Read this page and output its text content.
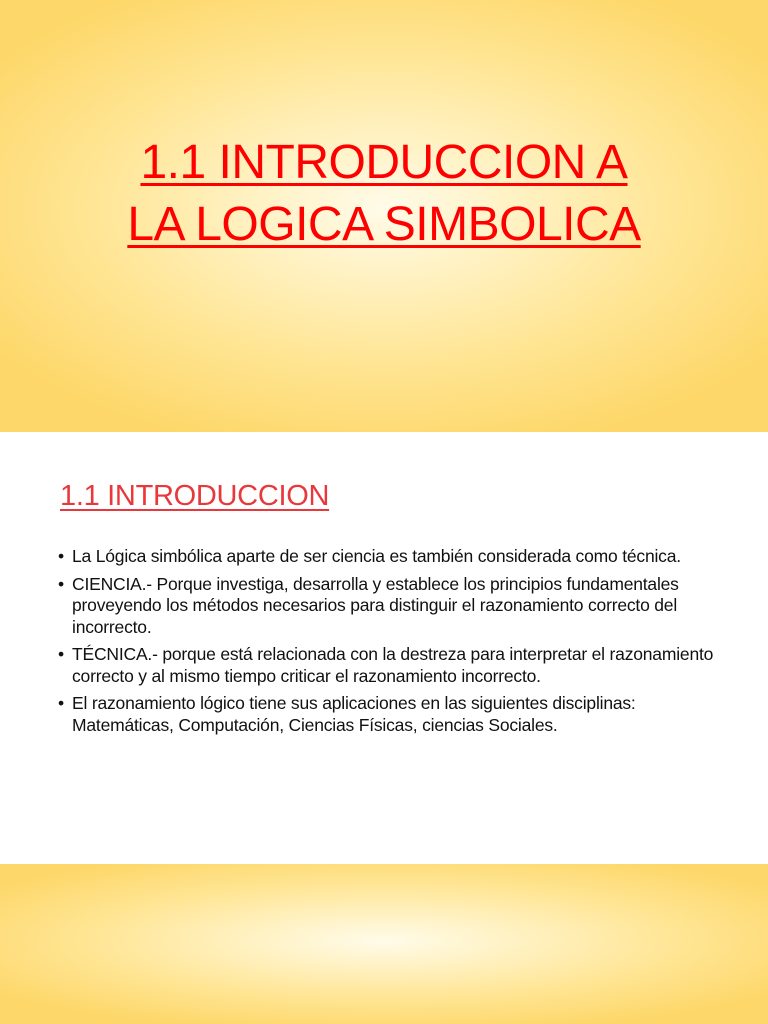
1.1 INTRODUCCION A
LA LOGICA SIMBOLICA
1.1 INTRODUCCION
• La Lógica simbólica aparte de ser ciencia es también considerada como técnica.
• CIENCIA.- Porque investiga, desarrolla y establece los principios fundamentales proveyendo los métodos necesarios para distinguir el razonamiento correcto del incorrecto.
• TÉCNICA.- porque está relacionada con la destreza para interpretar el razonamiento correcto y al mismo tiempo criticar el razonamiento incorrecto.
• El razonamiento lógico tiene sus aplicaciones en las siguientes disciplinas: Matemáticas, Computación, Ciencias Físicas, ciencias Sociales.
